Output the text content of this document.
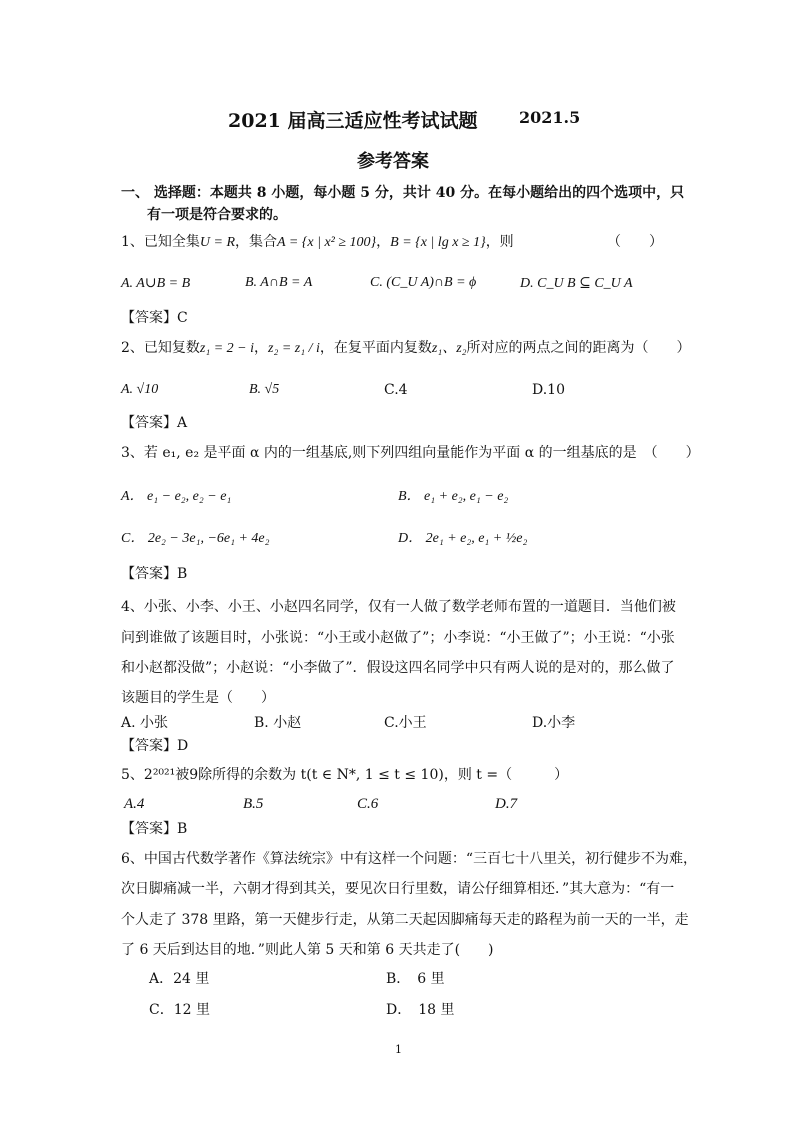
2021 届高三适应性考试试题	2021.5
参考答案
一、 选择题：本题共 8 小题，每小题 5 分，共计 40 分。在每小题给出的四个选项中，只
有一项是符合要求的。
1、已知全集U = R，集合A = {x | x² ≥ 100}，B = {x | lg x ≥ 1}，则	（　　）
A. A∪B = B	B. A∩B = A	C. (C_U A)∩B = ϕ	D. C_U B ⊆ C_U A
【答案】C
2、已知复数z₁ = 2 − i，z₂ = z₁ / i，在复平面内复数z₁、z₂所对应的两点之间的距离为（　　）
A. √10	B. √5	C.4	D.10
【答案】A
3、若 e₁, e₂ 是平面 α 内的一组基底,则下列四组向量能作为平面 α 的一组基底的是　（　　）
A． e₁ − e₂, e₂ − e₁	B． e₁ + e₂, e₁ − e₂
C． 2e₂ − 3e₁, −6e₁ + 4e₂	D． 2e₁ + e₂, e₁ + ½e₂
【答案】B
4、小张、小李、小王、小赵四名同学，仅有一人做了数学老师布置的一道题目．当他们被
问到谁做了该题目时，小张说：“小王或小赵做了”；小李说：“小王做了”；小王说：“小张
和小赵都没做”；小赵说：“小李做了”．假设这四名同学中只有两人说的是对的，那么做了
该题目的学生是（　　）
A. 小张	B. 小赵	C.小王	D.小李
【答案】D
5、2²⁰²¹被9除所得的余数为 t(t ∈ N*, 1 ≤ t ≤ 10)，则 t =（　　　）
A.4	B.5	C.6	D.7
【答案】B
6、中国古代数学著作《算法统宗》中有这样一个问题：“三百七十八里关，初行健步不为难，
次日脚痛减一半，六朝才得到其关，要见次日行里数，请公仔细算相还．”其大意为：“有一
个人走了 378 里路，第一天健步行走，从第二天起因脚痛每天走的路程为前一天的一半，走
了 6 天后到达目的地．”则此人第 5 天和第 6 天共走了(　　)
A．24 里	B．　6 里
C．12 里	D．　18 里
1
